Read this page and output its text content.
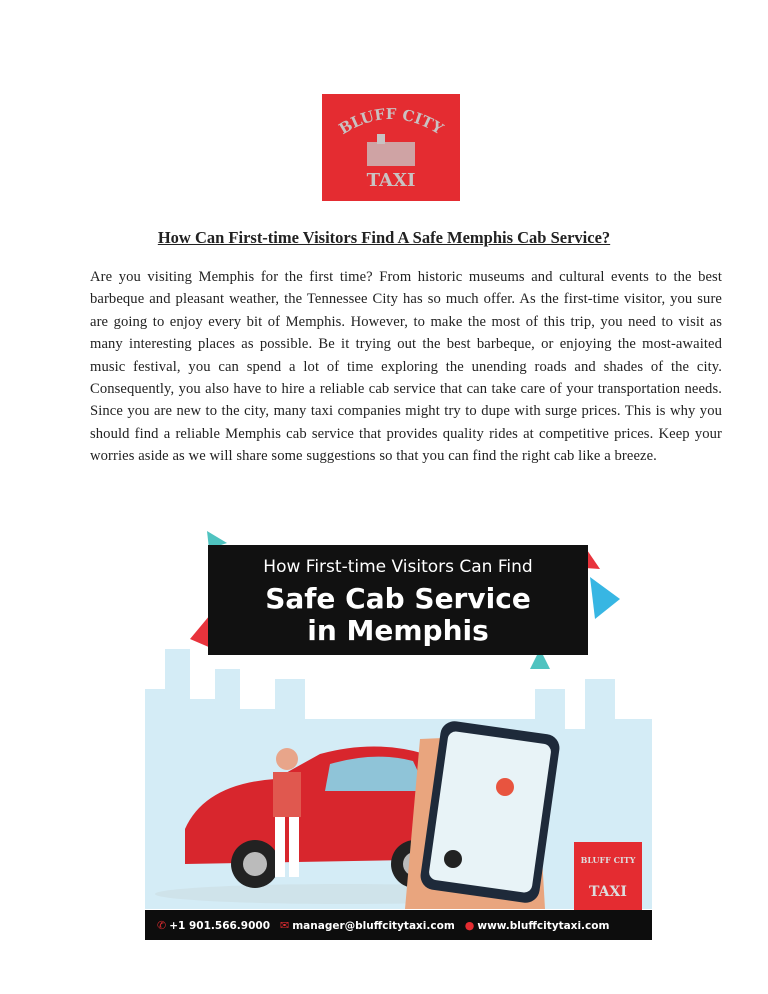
BLUFF CITY
TAXI
How Can First-time Visitors Find A Safe Memphis Cab Service?
Are you visiting Memphis for the first time? From historic museums and cultural events to the best barbeque and pleasant weather, the Tennessee City has so much offer. As the first-time visitor, you sure are going to enjoy every bit of Memphis. However, to make the most of this trip, you need to visit as many interesting places as possible. Be it trying out the best barbeque, or enjoying the most-awaited music festival, you can spend a lot of time exploring the unending roads and shades of the city. Consequently, you also have to hire a reliable cab service that can take care of your transportation needs. Since you are new to the city, many taxi companies might try to dupe with surge prices. This is why you should find a reliable Memphis cab service that provides quality rides at competitive prices. Keep your worries aside as we will share some suggestions so that you can find the right cab like a breeze.
How First-time Visitors Can Find
Safe Cab Service
in Memphis
BLUFF CITY
TAXI
✆ +1 901.566.9000 ✉ manager@bluffcitytaxi.com ● www.bluffcitytaxi.com
